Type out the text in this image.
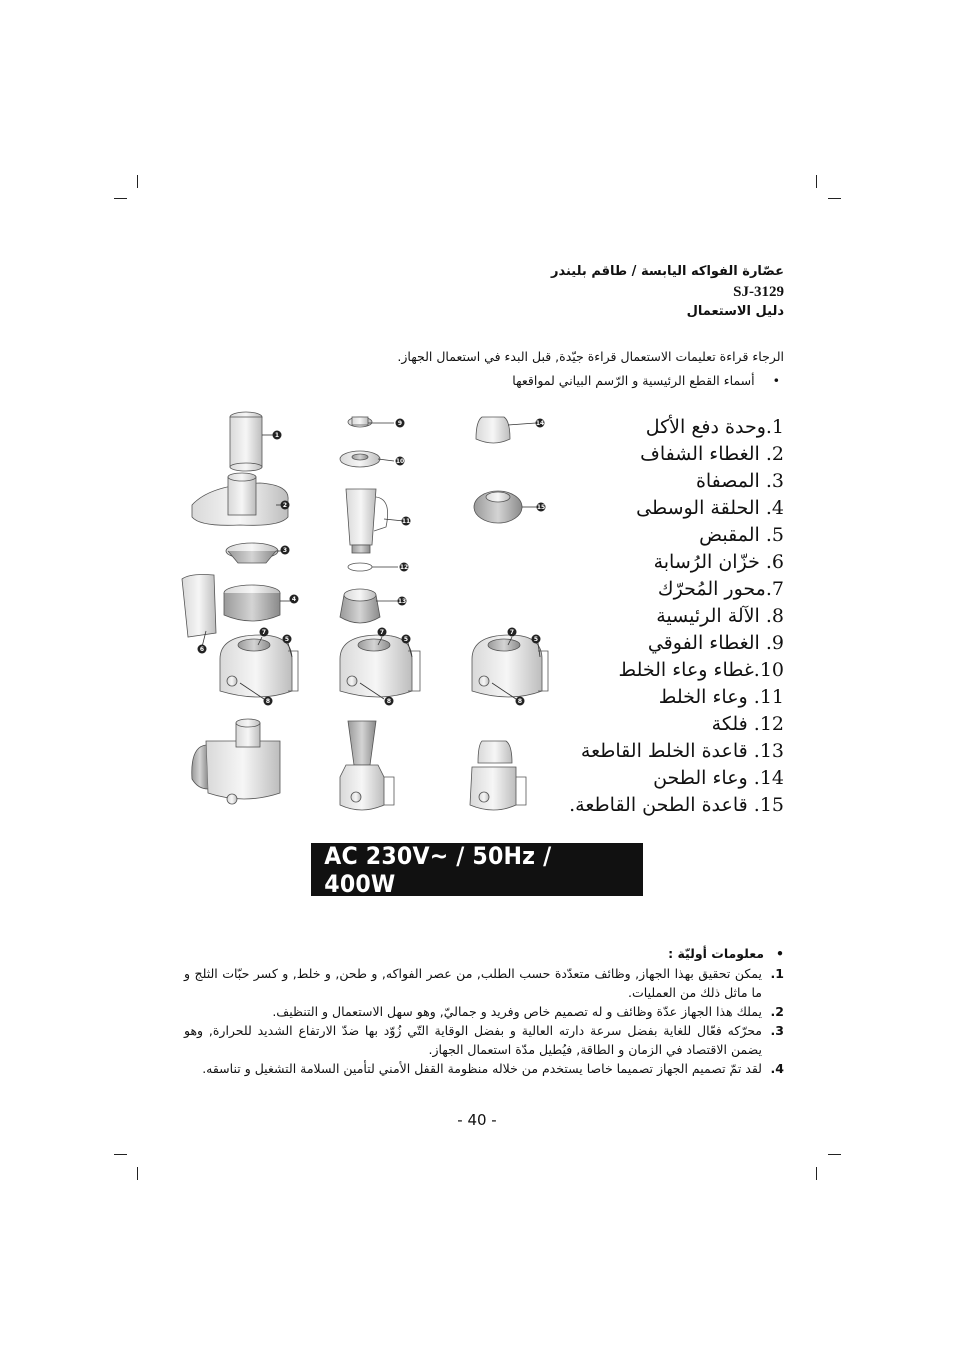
عصّارة الفواكه اليابسة / طاقم بليندر
SJ-3129
دليل الاستعمال
الرجاء قراءة تعليمات الاستعمال قراءة جيّدة, قبل البدء في استعمال الجهاز.
•أسماء القطع الرئيسية و الرّسم البياني لمواقعها
1
2
3
4
6
9
10
11
12
13
14
15
7
5
8
7
5
8
7
5
8
1.وحدة دفع الأكل
2. الغطاء الشفاف
3. المصفاة
4. الحلقة الوسطى
5. المقبض
6. خزّان الرُسابة
7.محور المُحرّك
8. الآلة الرئيسية
9. الغطاء الفوقي
10.غطاء وعاء الخلط
11. وعاء الخلط
12. فلكة
13. قاعدة الخلط القاطعة
14. وعاء الطحن
15. قاعدة الطحن القاطعة.
AC 230V~ / 50Hz / 400W
•معلومات أوليّة :
1.
يمكن تحقيق بهذا الجهاز, وظائف متعدّدة حسب الطلب, من عصر الفواكه, و طحن, و خلط, و كسر حبّات الثلج و ما ماثل ذلك من العمليات.
2.
يملك هذا الجهاز عدّة وظائف و له تصميم خاص وفريد و جماليّ, وهو سهل الاستعمال و التنظيف.
3.
محرّكه فعّال للغاية بفضل سرعة دارته العالية و بفضل الوقاية التّي زُوّد بها ضدّ الارتفاع الشديد للحرارة, وهو يضمن الاقتصاد في الزمان و الطاقة, فيُطيل مدّة استعمال الجهاز.
4.
لقد تمّ تصميم الجهاز تصميما خاصا يستخدم من خلاله منظومة القفل الأمني لتأمين السلامة التشغيل و تناسقه.
- 40 -
